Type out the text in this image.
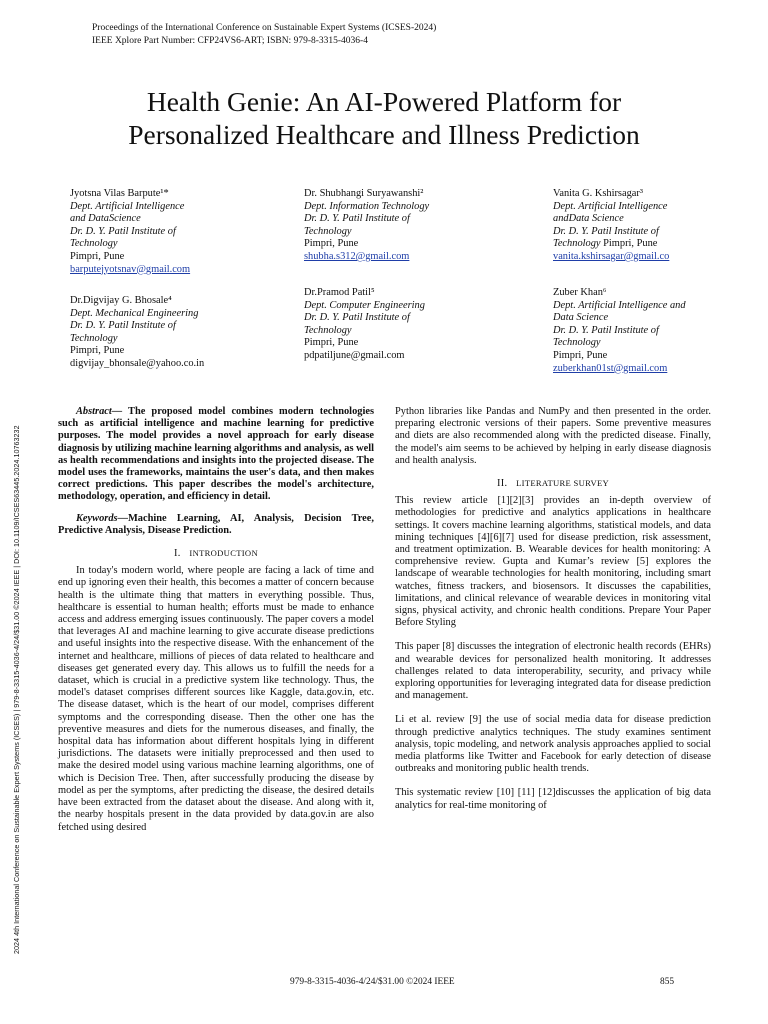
Proceedings of the International Conference on Sustainable Expert Systems (ICSES-2024)
IEEE Xplore Part Number: CFP24VS6-ART; ISBN: 979-8-3315-4036-4
2024 4th International Conference on Sustainable Expert Systems (ICSES) | 979-8-3315-4036-4/24/$31.00 ©2024 IEEE | DOI: 10.1109/ICSES63445.2024.10763232
Health Genie: An AI-Powered Platform for
Personalized Healthcare and Illness Prediction
Jyotsna Vilas Barpute¹*
Dept. Artificial Intelligence
and DataScience
Dr. D. Y. Patil Institute of
Technology
Pimpri, Pune
barputejyotsnav@gmail.com
Dr. Shubhangi Suryawanshi²
Dept. Information Technology
Dr. D. Y. Patil Institute of
Technology
Pimpri, Pune
shubha.s312@gmail.com
Vanita G. Kshirsagar³
Dept. Artificial Intelligence
andData Science
Dr. D. Y. Patil Institute of
Technology Pimpri, Pune
vanita.kshirsagar@gmail.co
Dr.Digvijay G. Bhosale⁴
Dept. Mechanical Engineering
Dr. D. Y. Patil Institute of
Technology
Pimpri, Pune
digvijay_bhonsale@yahoo.co.in
Dr.Pramod Patil⁵
Dept. Computer Engineering
Dr. D. Y. Patil Institute of
Technology
Pimpri, Pune
pdpatiljune@gmail.com
Zuber Khan⁶
Dept. Artificial Intelligence and
Data Science
Dr. D. Y. Patil Institute of
Technology
Pimpri, Pune
zuberkhan01st@gmail.com

Abstract— The proposed model combines modern technologies such as artificial intelligence and machine learning for predictive purposes. The model provides a novel approach for early disease diagnosis by utilizing machine learning algorithms and analysis, as well as health recommendations and insights into the projected disease. The model uses the frameworks, maintains the user's data, and then makes correct predictions. This paper describes the model's architecture, methodology, operation, and efficiency in detail.

Keywords—Machine Learning, AI, Analysis, Decision Tree, Predictive Analysis, Disease Prediction.

I. INTRODUCTION

In today's modern world, where people are facing a lack of time and end up ignoring even their health, this becomes a matter of concern because health is the ultimate thing that matters in everything possible. Thus, healthcare is essential to human health; efforts must be made to enhance access and address emerging issues continuously. The paper covers a model that leverages AI and machine learning to give accurate disease predictions and useful insights into the respective disease. With the enhancement of the internet and healthcare, millions of pieces of data related to healthcare and diseases get generated every day. This allows us to fulfill the needs for a dataset, which is crucial in a predictive system like technology. Thus, the model's dataset comprises different sources like Kaggle, data.gov.in, etc. The disease dataset, which is the heart of our model, comprises different symptoms and the corresponding disease. Then the other one has the preventive measures and diets for the numerous diseases, and finally, the hospital data has information about different hospitals lying in different jurisdictions. The datasets were initially preprocessed and then used to make the desired model using various machine learning algorithms, one of which is Decision Tree. Then, after successfully producing the disease by model as per the symptoms, after predicting the disease, the desired details have been extracted from the dataset about the disease. And along with it, the nearby hospitals present in the data provided by data.gov.in are also fetched using desired

Python libraries like Pandas and NumPy and then presented in the order. preparing electronic versions of their papers. Some preventive measures and diets are also recommended along with the predicted disease. Finally, the model's aim seems to be achieved by helping in early disease diagnosis and health analysis.

II. LITERATURE SURVEY

This review article [1][2][3] provides an in-depth overview of methodologies for predictive and analytics applications in healthcare settings. It covers machine learning algorithms, statistical models, and data mining techniques [4][6][7] used for disease prediction, risk assessment, and treatment optimization. B. Wearable devices for health monitoring: A comprehensive review. Gupta and Kumar’s review [5] explores the landscape of wearable technologies for health monitoring, including smart watches, fitness trackers, and biosensors. It discusses the capabilities, limitations, and clinical relevance of wearable devices in monitoring vital signs, physical activity, and chronic health conditions. Prepare Your Paper Before Styling

This paper [8] discusses the integration of electronic health records (EHRs) and wearable devices for personalized health monitoring. It addresses challenges related to data interoperability, security, and privacy while exploring opportunities for leveraging integrated data for disease prediction and management.

Li et al. review [9] the use of social media data for disease prediction through predictive analytics techniques. The study examines sentiment analysis, topic modeling, and network analysis approaches applied to social media platforms like Twitter and Facebook for early detection of disease outbreaks and monitoring public health trends.

This systematic review [10] [11] [12]discusses the application of big data analytics for real-time monitoring of

979-8-3315-4036-4/24/$31.00 ©2024 IEEE	855
